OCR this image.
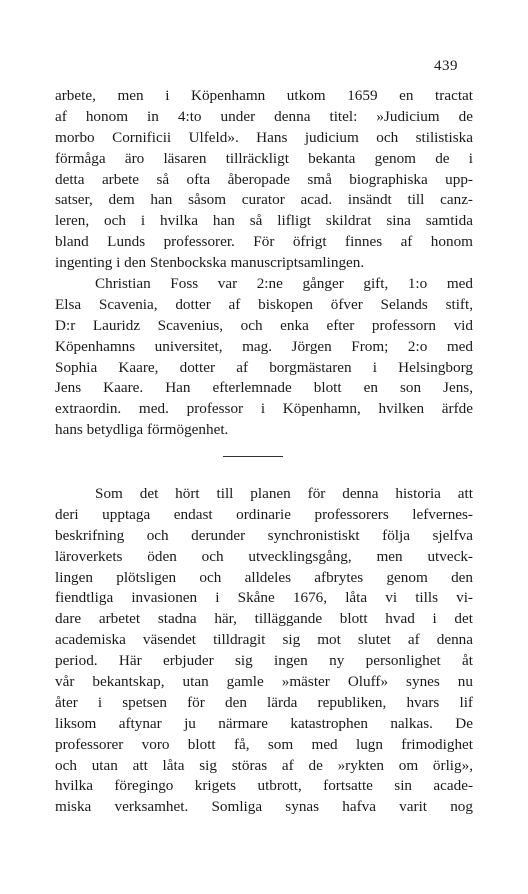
439
arbete, men i Köpenhamn utkom 1659 en tractat
af honom in 4:to under denna titel: »Judicium de
morbo Cornificii Ulfeld». Hans judicium och stilistiska
förmåga äro läsaren tillräckligt bekanta genom de i
detta arbete så ofta åberopade små biographiska upp-
satser, dem han såsom curator acad. insändt till canz-
leren, och i hvilka han så lifligt skildrat sina samtida
bland Lunds professorer. För öfrigt finnes af honom
ingenting i den Stenbockska manuscriptsamlingen.
Christian Foss var 2:ne gånger gift, 1:o med
Elsa Scavenia, dotter af biskopen öfver Selands stift,
D:r Lauridz Scavenius, och enka efter professorn vid
Köpenhamns universitet, mag. Jörgen From; 2:o med
Sophia Kaare, dotter af borgmästaren i Helsingborg
Jens Kaare. Han efterlemnade blott en son Jens,
extraordin. med. professor i Köpenhamn, hvilken ärfde
hans betydliga förmögenhet.
Som det hört till planen för denna historia att
deri upptaga endast ordinarie professorers lefvernes-
beskrifning och derunder synchronistiskt följa sjelfva
läroverkets öden och utvecklingsgång, men utveck-
lingen plötsligen och alldeles afbrytes genom den
fiendtliga invasionen i Skåne 1676, låta vi tills vi-
dare arbetet stadna här, tilläggande blott hvad i det
academiska väsendet tilldragit sig mot slutet af denna
period. Här erbjuder sig ingen ny personlighet åt
vår bekantskap, utan gamle »mäster Oluff» synes nu
åter i spetsen för den lärda republiken, hvars lif
liksom aftynar ju närmare katastrophen nalkas. De
professorer voro blott få, som med lugn frimodighet
och utan att låta sig störas af de »rykten om örlig»,
hvilka föregingo krigets utbrott, fortsatte sin acade-
miska verksamhet. Somliga synas hafva varit nog
